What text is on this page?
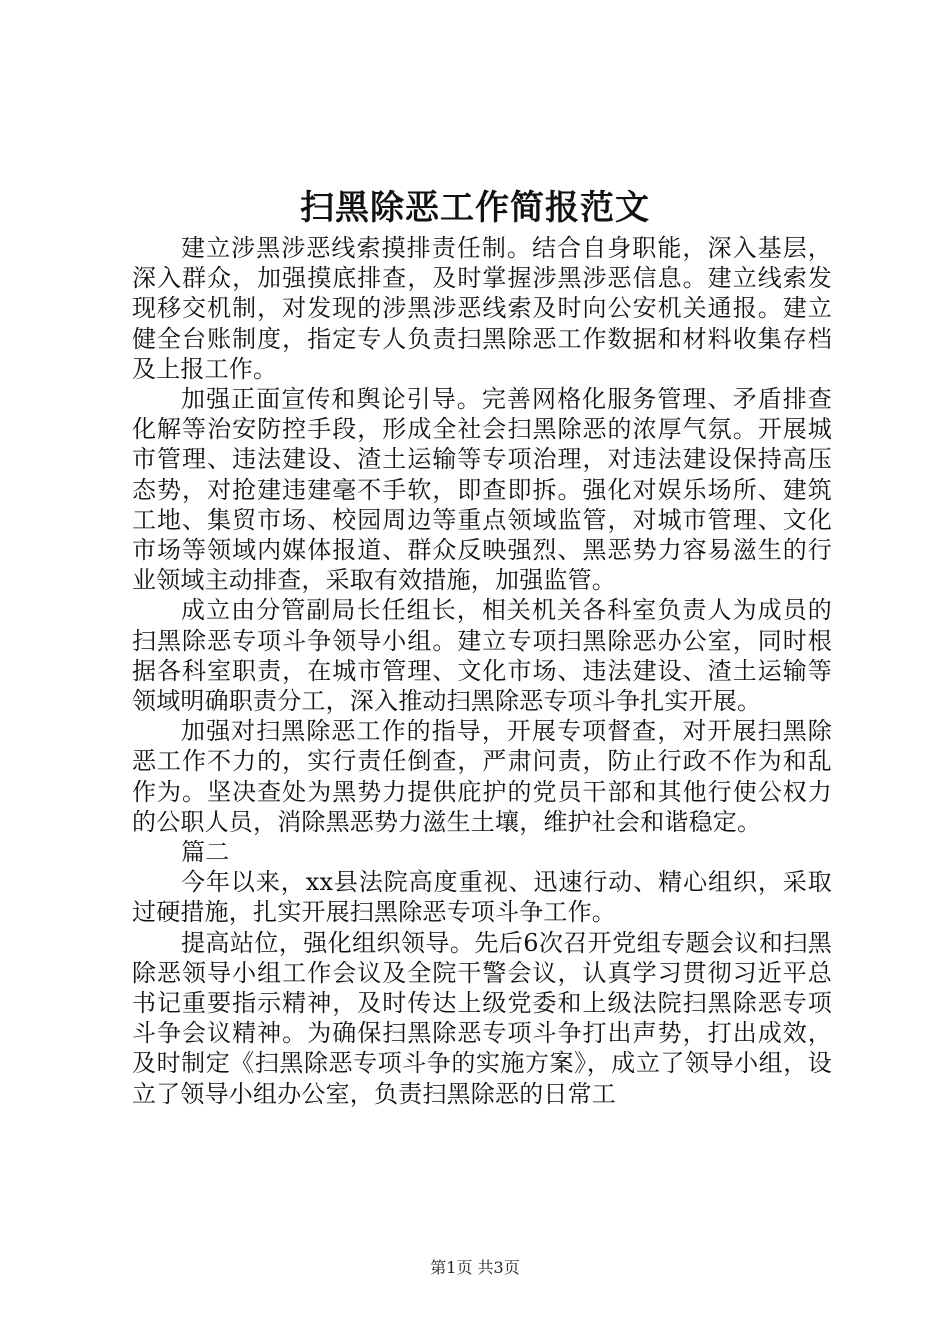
扫黑除恶工作简报范文

建立涉黑涉恶线索摸排责任制。结合自身职能，深入基层，深入群众，加强摸底排查，及时掌握涉黑涉恶信息。建立线索发现移交机制，对发现的涉黑涉恶线索及时向公安机关通报。建立健全台账制度，指定专人负责扫黑除恶工作数据和材料收集存档及上报工作。

加强正面宣传和舆论引导。完善网格化服务管理、矛盾排查化解等治安防控手段，形成全社会扫黑除恶的浓厚气氛。开展城市管理、违法建设、渣土运输等专项治理，对违法建设保持高压态势，对抢建违建毫不手软，即查即拆。强化对娱乐场所、建筑工地、集贸市场、校园周边等重点领域监管，对城市管理、文化市场等领域内媒体报道、群众反映强烈、黑恶势力容易滋生的行业领域主动排查，采取有效措施，加强监管。

成立由分管副局长任组长，相关机关各科室负责人为成员的扫黑除恶专项斗争领导小组。建立专项扫黑除恶办公室，同时根据各科室职责，在城市管理、文化市场、违法建设、渣土运输等领域明确职责分工，深入推动扫黑除恶专项斗争扎实开展。

加强对扫黑除恶工作的指导，开展专项督查，对开展扫黑除恶工作不力的，实行责任倒查，严肃问责，防止行政不作为和乱作为。坚决查处为黑势力提供庇护的党员干部和其他行使公权力的公职人员，消除黑恶势力滋生土壤，维护社会和谐稳定。

篇二

今年以来，xx县法院高度重视、迅速行动、精心组织，采取过硬措施，扎实开展扫黑除恶专项斗争工作。

提高站位，强化组织领导。先后6次召开党组专题会议和扫黑除恶领导小组工作会议及全院干警会议，认真学习贯彻习近平总书记重要指示精神，及时传达上级党委和上级法院扫黑除恶专项斗争会议精神。为确保扫黑除恶专项斗争打出声势，打出成效，及时制定《扫黑除恶专项斗争的实施方案》，成立了领导小组，设立了领导小组办公室，负责扫黑除恶的日常工

第1页 共3页
